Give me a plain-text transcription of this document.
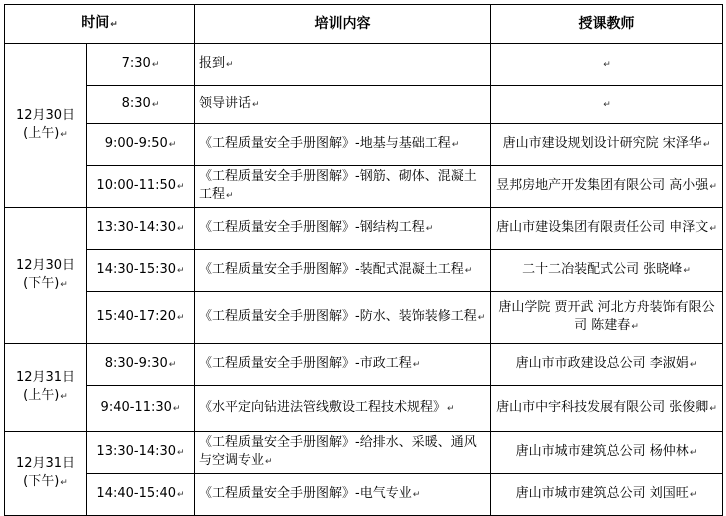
时间↵		培训内容	授课教师
12月30日(上午)↵	7:30↵	报到↵	↵
	8:30↵	领导讲话↵	↵
	9:00-9:50↵	《工程质量安全手册图解》-地基与基础工程↵	唐山市建设规划设计研究院 宋泽华↵
	10:00-11:50↵	《工程质量安全手册图解》-钢筋、砌体、混凝土工程↵	昱邦房地产开发集团有限公司 高小强↵
12月30日(下午)↵	13:30-14:30↵	《工程质量安全手册图解》-钢结构工程↵	唐山市建设集团有限责任公司 申泽文↵
	14:30-15:30↵	《工程质量安全手册图解》-装配式混凝土工程↵	二十二冶装配式公司 张晓峰↵
	15:40-17:20↵	《工程质量安全手册图解》-防水、装饰装修工程↵	唐山学院 贾开武 河北方舟装饰有限公司 陈建春↵
12月31日(上午)↵	8:30-9:30↵	《工程质量安全手册图解》-市政工程↵	唐山市市政建设总公司 李淑娟↵
	9:40-11:30↵	《水平定向钻进法管线敷设工程技术规程》↵	唐山市中宇科技发展有限公司 张俊卿↵
12月31日(下午)↵	13:30-14:30↵	《工程质量安全手册图解》-给排水、采暖、通风与空调专业↵	唐山市城市建筑总公司 杨仲林↵
	14:40-15:40↵	《工程质量安全手册图解》-电气专业↵	唐山市城市建筑总公司 刘国旺↵
